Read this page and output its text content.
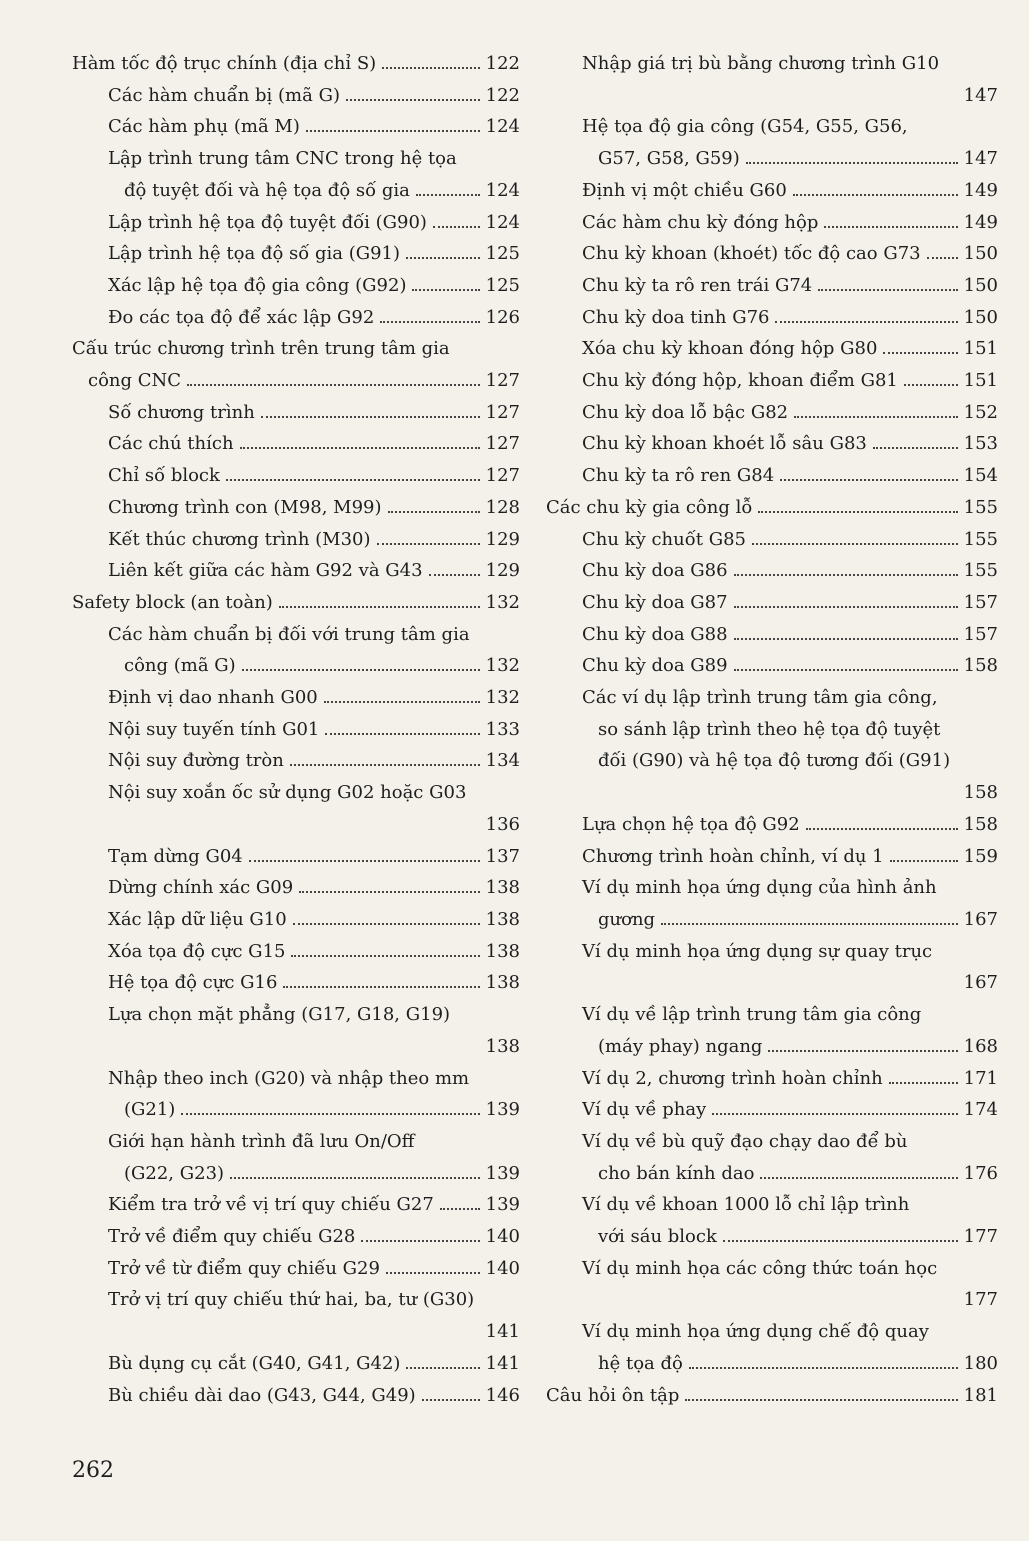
Hàm tốc độ trục chính (địa chỉ S)	122
Các hàm chuẩn bị (mã G)	122
Các hàm phụ (mã M)	124
Lập trình trung tâm CNC trong hệ tọa
độ tuyệt đối và hệ tọa độ số gia	124
Lập trình hệ tọa độ tuyệt đối (G90)	124
Lập trình hệ tọa độ số gia (G91)	125
Xác lập hệ tọa độ gia công (G92)	125
Đo các tọa độ để xác lập G92	126
Cấu trúc chương trình trên trung tâm gia
công CNC	127
Số chương trình	127
Các chú thích	127
Chỉ số block	127
Chương trình con (M98, M99)	128
Kết thúc chương trình (M30)	129
Liên kết giữa các hàm G92 và G43	129
Safety block (an toàn)	132
Các hàm chuẩn bị đối với trung tâm gia
công (mã G)	132
Định vị dao nhanh G00	132
Nội suy tuyến tính G01	133
Nội suy đường tròn	134
Nội suy xoắn ốc sử dụng G02 hoặc G03
136
Tạm dừng G04	137
Dừng chính xác G09	138
Xác lập dữ liệu G10	138
Xóa tọa độ cực G15	138
Hệ tọa độ cực G16	138
Lựa chọn mặt phẳng (G17, G18, G19)
138
Nhập theo inch (G20) và nhập theo mm
(G21)	139
Giới hạn hành trình đã lưu On/Off
(G22, G23)	139
Kiểm tra trở về vị trí quy chiếu G27	139
Trở về điểm quy chiếu G28	140
Trở về từ điểm quy chiếu G29	140
Trở vị trí quy chiếu thứ hai, ba, tư (G30)
141
Bù dụng cụ cắt (G40, G41, G42)	141
Bù chiều dài dao (G43, G44, G49)	146
Nhập giá trị bù bằng chương trình G10
147
Hệ tọa độ gia công (G54, G55, G56,
G57, G58, G59)	147
Định vị một chiều G60	149
Các hàm chu kỳ đóng hộp	149
Chu kỳ khoan (khoét) tốc độ cao G73 150
Chu kỳ ta rô ren trái G74	150
Chu kỳ doa tinh G76	150
Xóa chu kỳ khoan đóng hộp G80	151
Chu kỳ đóng hộp, khoan điểm G81	151
Chu kỳ doa lỗ bậc G82	152
Chu kỳ khoan khoét lỗ sâu G83	153
Chu kỳ ta rô ren G84	154
Các chu kỳ gia công lỗ	155
Chu kỳ chuốt G85	155
Chu kỳ doa G86	155
Chu kỳ doa G87	157
Chu kỳ doa G88	157
Chu kỳ doa G89	158
Các ví dụ lập trình trung tâm gia công,
so sánh lập trình theo hệ tọa độ tuyệt
đối (G90) và hệ tọa độ tương đối (G91)
158
Lựa chọn hệ tọa độ G92	158
Chương trình hoàn chỉnh, ví dụ 1	159
Ví dụ minh họa ứng dụng của hình ảnh
gương	167
Ví dụ minh họa ứng dụng sự quay trục
167
Ví dụ về lập trình trung tâm gia công
(máy phay) ngang	168
Ví dụ 2, chương trình hoàn chỉnh	171
Ví dụ về phay	174
Ví dụ về bù quỹ đạo chạy dao để bù
cho bán kính dao	176
Ví dụ về khoan 1000 lỗ chỉ lập trình
với sáu block	177
Ví dụ minh họa các công thức toán học
177
Ví dụ minh họa ứng dụng chế độ quay
hệ tọa độ	180
Câu hỏi ôn tập	181
262
